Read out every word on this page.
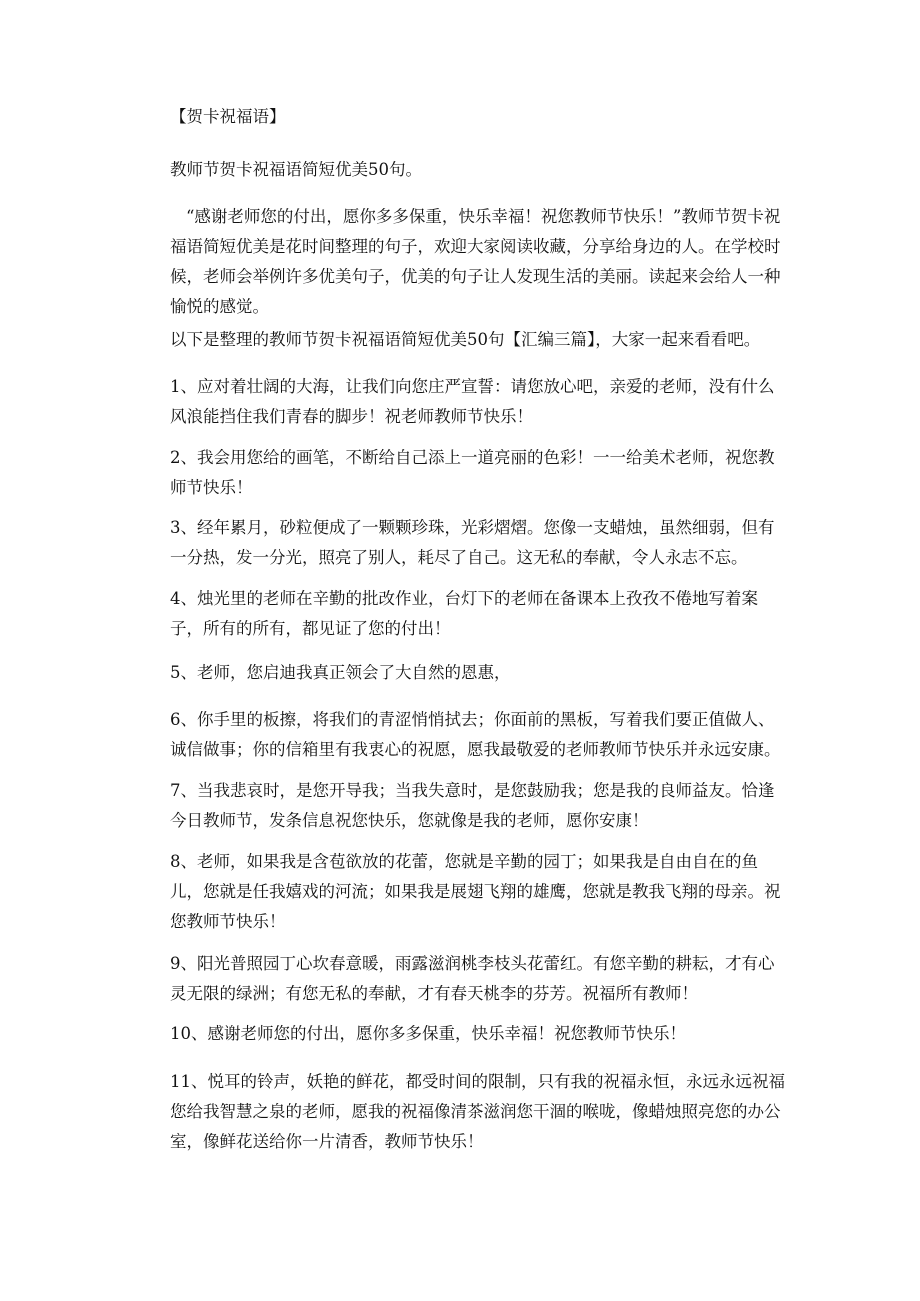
【贺卡祝福语】

教师节贺卡祝福语简短优美50句。

“感谢老师您的付出，愿你多多保重，快乐幸福！祝您教师节快乐！”教师节贺卡祝福语简短优美是花时间整理的句子，欢迎大家阅读收藏，分享给身边的人。在学校时候，老师会举例许多优美句子，优美的句子让人发现生活的美丽。读起来会给人一种愉悦的感觉。

以下是整理的教师节贺卡祝福语简短优美50句【汇编三篇】，大家一起来看看吧。

1、应对着壮阔的大海，让我们向您庄严宣誓：请您放心吧，亲爱的老师，没有什么风浪能挡住我们青春的脚步！祝老师教师节快乐！

2、我会用您给的画笔，不断给自己添上一道亮丽的色彩！一一给美术老师，祝您教师节快乐！

3、经年累月，砂粒便成了一颗颗珍珠，光彩熠熠。您像一支蜡烛，虽然细弱，但有一分热，发一分光，照亮了别人，耗尽了自己。这无私的奉献，令人永志不忘。

4、烛光里的老师在辛勤的批改作业，台灯下的老师在备课本上孜孜不倦地写着案子，所有的所有，都见证了您的付出！

5、老师，您启迪我真正领会了大自然的恩惠，

6、你手里的板擦，将我们的青涩悄悄拭去；你面前的黑板，写着我们要正值做人、诚信做事；你的信箱里有我衷心的祝愿，愿我最敬爱的老师教师节快乐并永远安康。

7、当我悲哀时，是您开导我；当我失意时，是您鼓励我；您是我的良师益友。恰逢今日教师节，发条信息祝您快乐，您就像是我的老师，愿你安康！

8、老师，如果我是含苞欲放的花蕾，您就是辛勤的园丁；如果我是自由自在的鱼儿，您就是任我嬉戏的河流；如果我是展翅飞翔的雄鹰，您就是教我飞翔的母亲。祝您教师节快乐！

9、阳光普照园丁心坎春意暖，雨露滋润桃李枝头花蕾红。有您辛勤的耕耘，才有心灵无限的绿洲；有您无私的奉献，才有春天桃李的芬芳。祝福所有教师！

10、感谢老师您的付出，愿你多多保重，快乐幸福！祝您教师节快乐！

11、悦耳的铃声，妖艳的鲜花，都受时间的限制，只有我的祝福永恒，永远永远祝福您给我智慧之泉的老师，愿我的祝福像清茶滋润您干涸的喉咙，像蜡烛照亮您的办公室，像鲜花送给你一片清香，教师节快乐！
